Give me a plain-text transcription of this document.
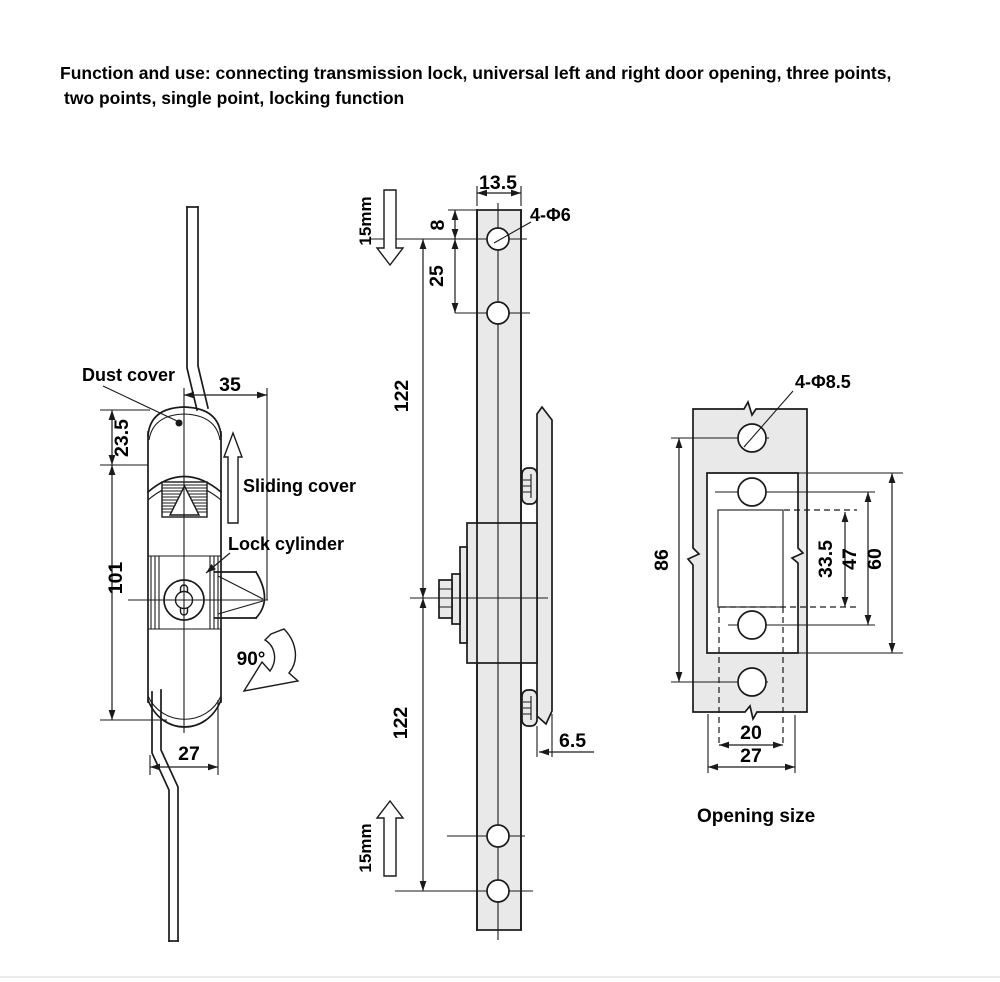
Function and use: connecting transmission lock, universal left and right door opening, three points,
two points, single point, locking function
35
23.5
101
27
Dust cover
Sliding cover
Lock cylinder
90°
13.5
4-Φ6
8
25
122
122
15mm
15mm
6.5
4-Φ8.5
86	33.5 47 60
20
27
Opening size
